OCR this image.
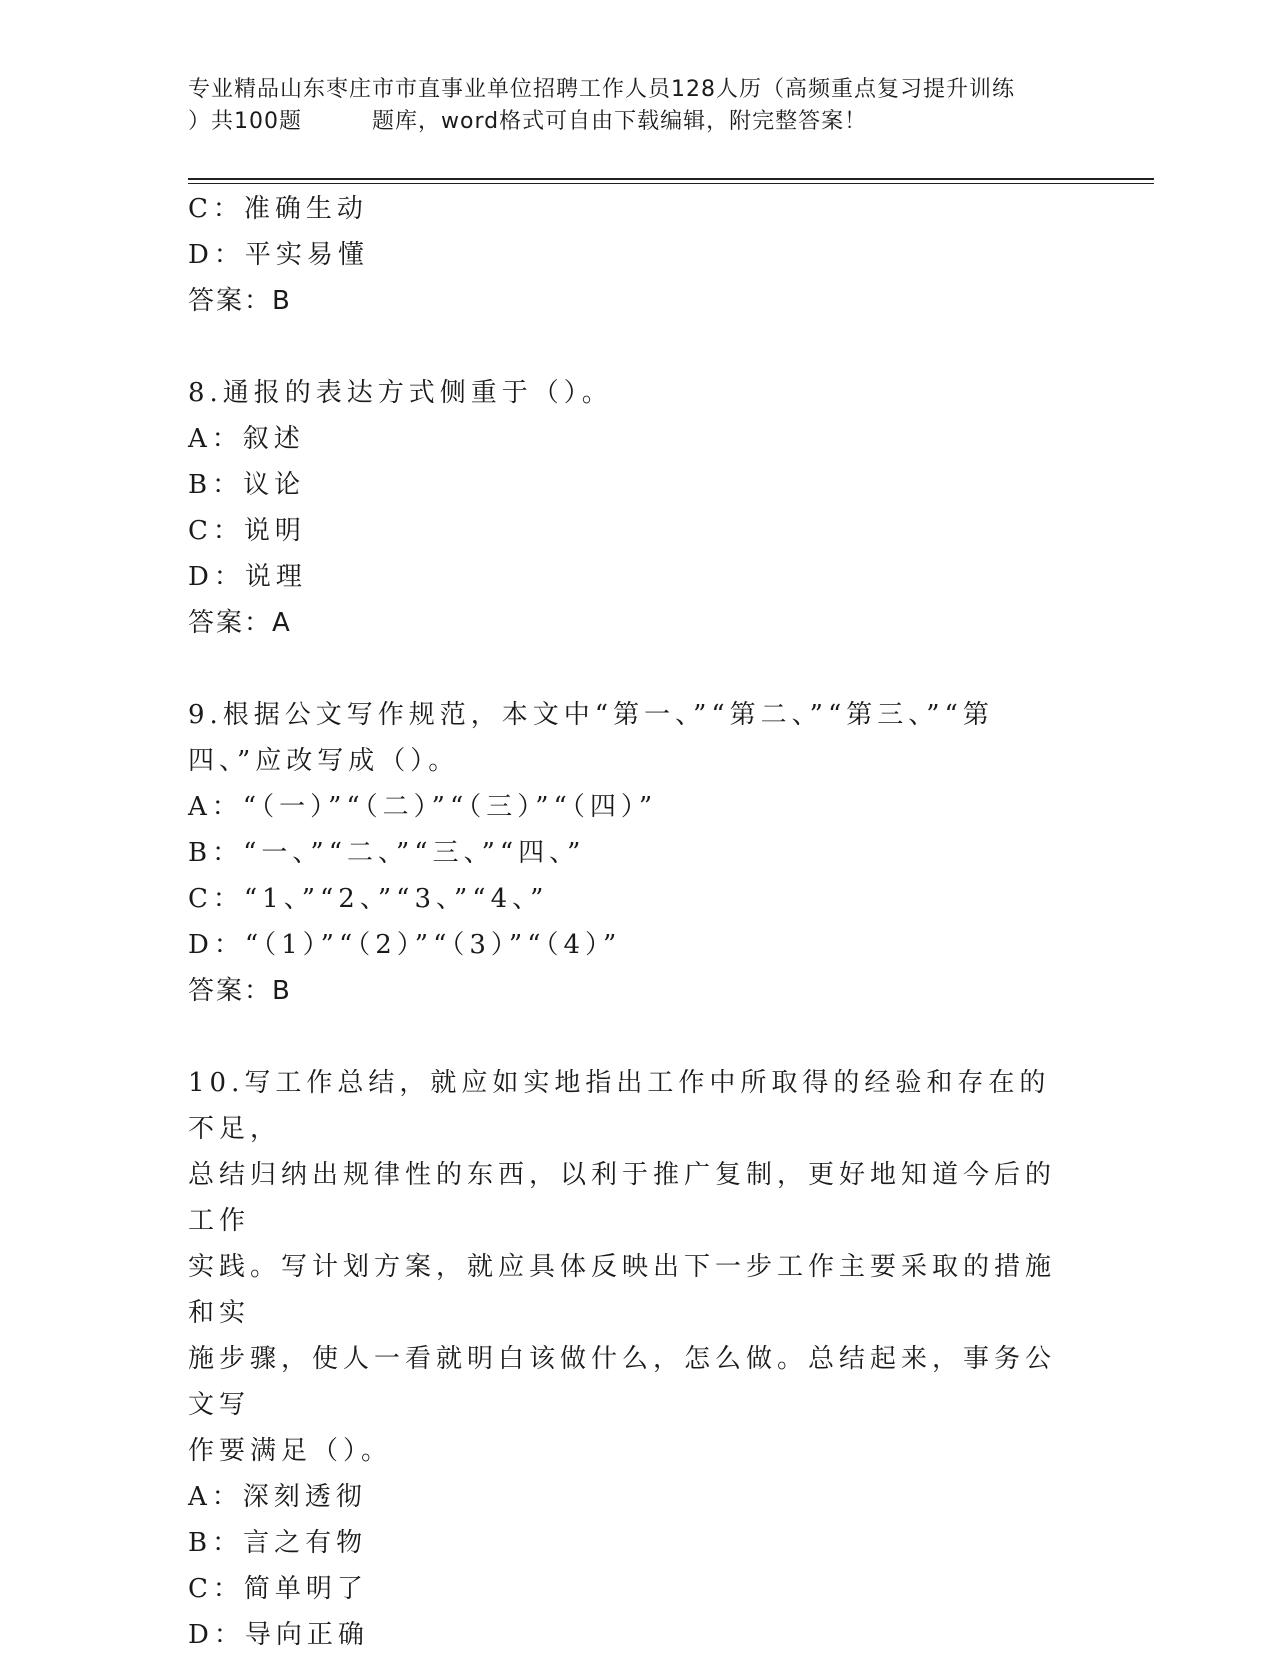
专业精品山东枣庄市市直事业单位招聘工作人员128人历（高频重点复习提升训练
）共100题	题库，word格式可自由下载编辑，附完整答案！
C：准确生动
D：平实易懂
答案：B
8.通报的表达方式侧重于（）。
A：叙述
B：议论
C：说明
D：说理
答案：A
9.根据公文写作规范，本文中“第一、”“第二、”“第三、”“第
四、”应改写成（）。
A：“（一）”“（二）”“（三）”“（四）”
B：“一、”“二、”“三、”“四、”
C：“1、”“2、”“3、”“4、”
D：“（1）”“（2）”“（3）”“（4）”
答案：B
10.写工作总结，就应如实地指出工作中所取得的经验和存在的不足，
总结归纳出规律性的东西，以利于推广复制，更好地知道今后的工作
实践。写计划方案，就应具体反映出下一步工作主要采取的措施和实
施步骤，使人一看就明白该做什么，怎么做。总结起来，事务公文写
作要满足（）。
A：深刻透彻
B：言之有物
C：简单明了
D：导向正确
